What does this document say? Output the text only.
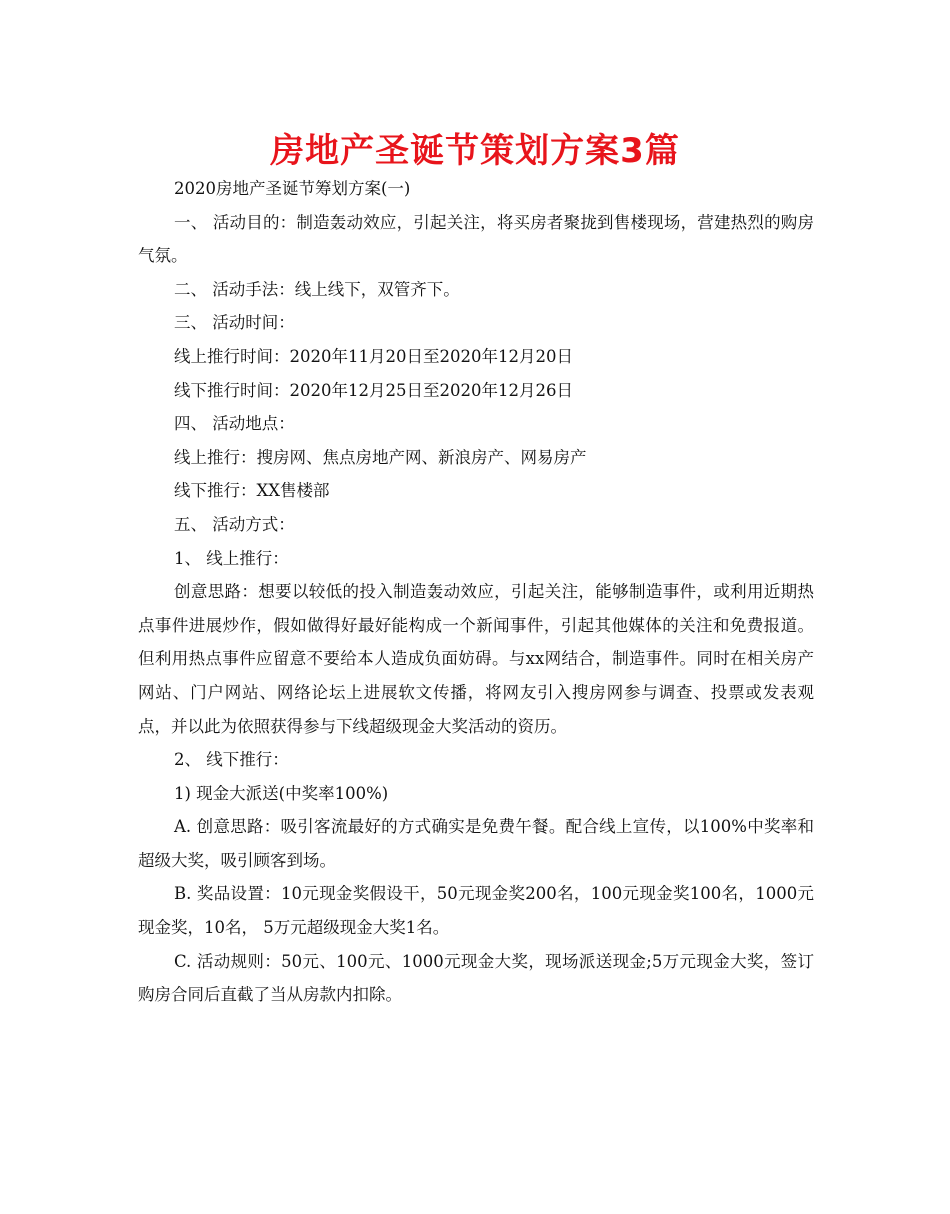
房地产圣诞节策划方案3篇

2020房地产圣诞节筹划方案(一)

一、 活动目的：制造轰动效应，引起关注，将买房者聚拢到售楼现场，营建热烈的购房气氛。

二、 活动手法：线上线下，双管齐下。

三、 活动时间：

线上推行时间：2020年11月20日至2020年12月20日

线下推行时间：2020年12月25日至2020年12月26日

四、 活动地点：

线上推行：搜房网、焦点房地产网、新浪房产、网易房产

线下推行：XX售楼部

五、 活动方式：

1、 线上推行：

创意思路：想要以较低的投入制造轰动效应，引起关注，能够制造事件，或利用近期热点事件进展炒作，假如做得好最好能构成一个新闻事件，引起其他媒体的关注和免费报道。但利用热点事件应留意不要给本人造成负面妨碍。与xx网结合，制造事件。同时在相关房产网站、门户网站、网络论坛上进展软文传播，将网友引入搜房网参与调查、投票或发表观点，并以此为依照获得参与下线超级现金大奖活动的资历。

2、 线下推行：

1) 现金大派送(中奖率100%)

A. 创意思路：吸引客流最好的方式确实是免费午餐。配合线上宣传，以100%中奖率和超级大奖，吸引顾客到场。

B. 奖品设置：10元现金奖假设干，50元现金奖200名，100元现金奖100名，1000元现金奖，10名， 5万元超级现金大奖1名。

C. 活动规则：50元、100元、1000元现金大奖，现场派送现金;5万元现金大奖，签订购房合同后直截了当从房款内扣除。
